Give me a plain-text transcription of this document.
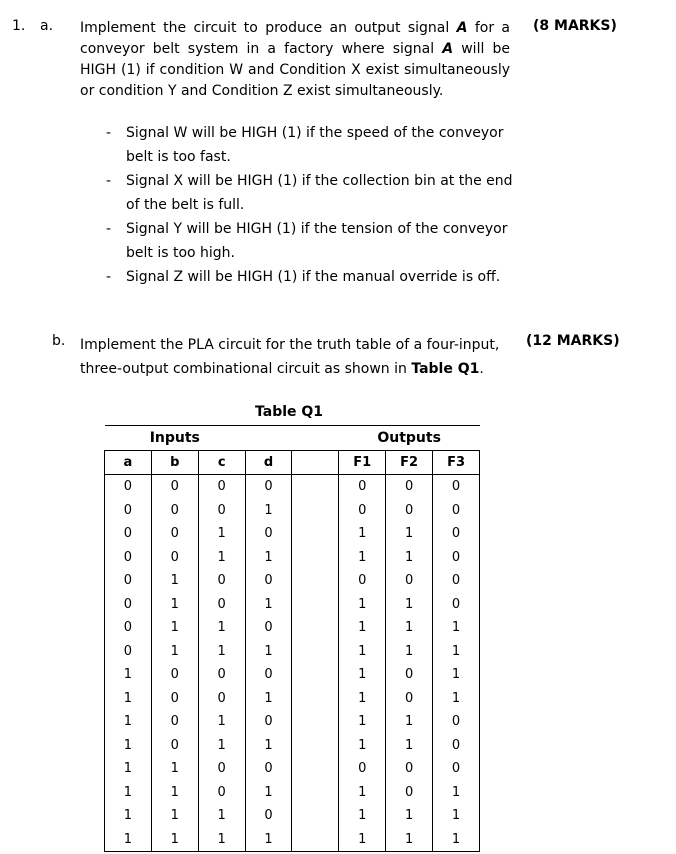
1. a. Implement the circuit to produce an output signal A for a conveyor belt system in a factory where signal A will be HIGH (1) if condition W and Condition X exist simultaneously or condition Y and Condition Z exist simultaneously.
(8 MARKS)
- Signal W will be HIGH (1) if the speed of the conveyor belt is too fast.
- Signal X will be HIGH (1) if the collection bin at the end of the belt is full.
- Signal Y will be HIGH (1) if the tension of the conveyor belt is too high.
- Signal Z will be HIGH (1) if the manual override is off.
b. Implement the PLA circuit for the truth table of a four-input, three-output combinational circuit as shown in Table Q1.
(12 MARKS)
Table Q1
Inputs					Outputs		
a	b	c	d		F1	F2	F3
0	0	0	0		0	0	0
0	0	0	1		0	0	0
0	0	1	0		1	1	0
0	0	1	1		1	1	0
0	1	0	0		0	0	0
0	1	0	1		1	1	0
0	1	1	0		1	1	1
0	1	1	1		1	1	1
1	0	0	0		1	0	1
1	0	0	1		1	0	1
1	0	1	0		1	1	0
1	0	1	1		1	1	0
1	1	0	0		0	0	0
1	1	0	1		1	0	1
1	1	1	0		1	1	1
1	1	1	1		1	1	1
